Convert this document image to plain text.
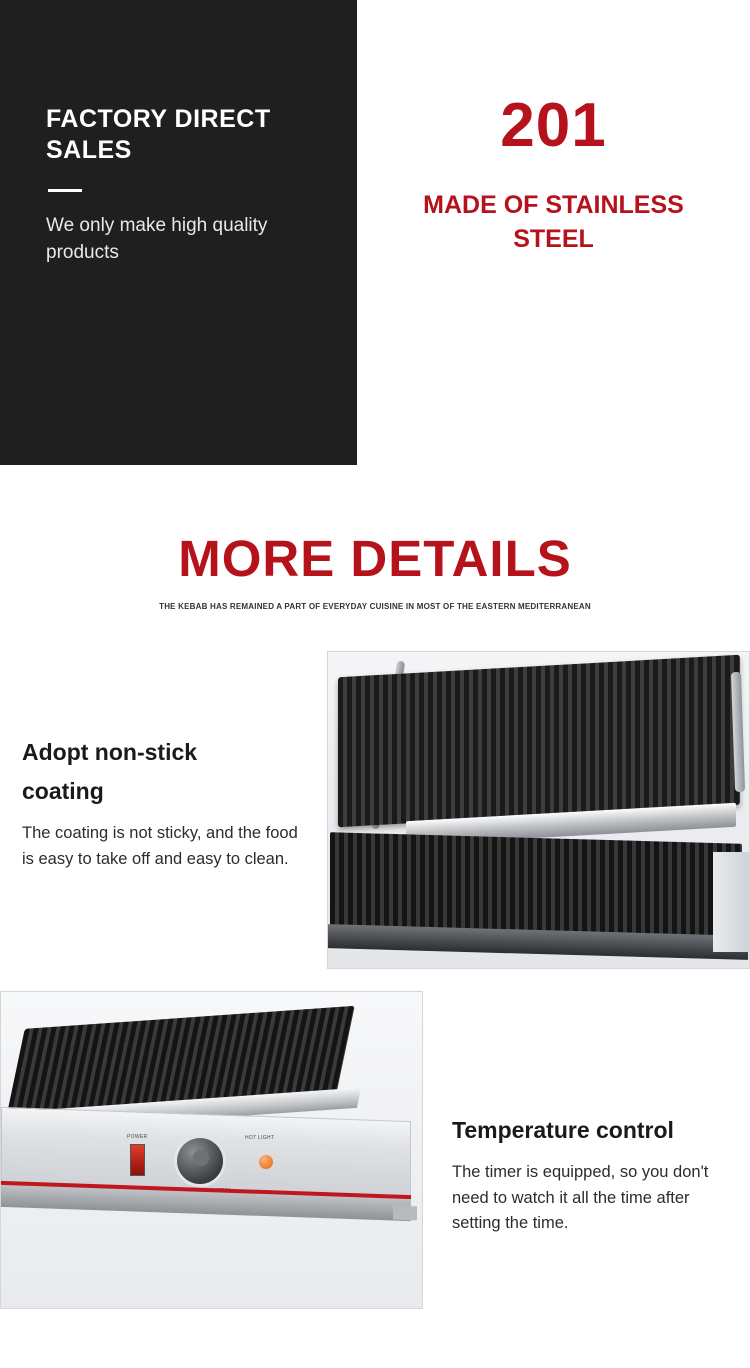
FACTORY DIRECT SALES
We only make high quality products
201
MADE OF STAINLESS STEEL
MORE DETAILS
THE KEBAB HAS REMAINED A PART OF EVERYDAY CUISINE IN MOST OF THE EASTERN MEDITERRANEAN
Adopt non-stick
coating
The coating is not sticky, and the food is easy to take off and easy to clean.
POWER	HOT LIGHT	Temperature control
The timer is equipped, so you don't need to watch it all the time after setting the time.
